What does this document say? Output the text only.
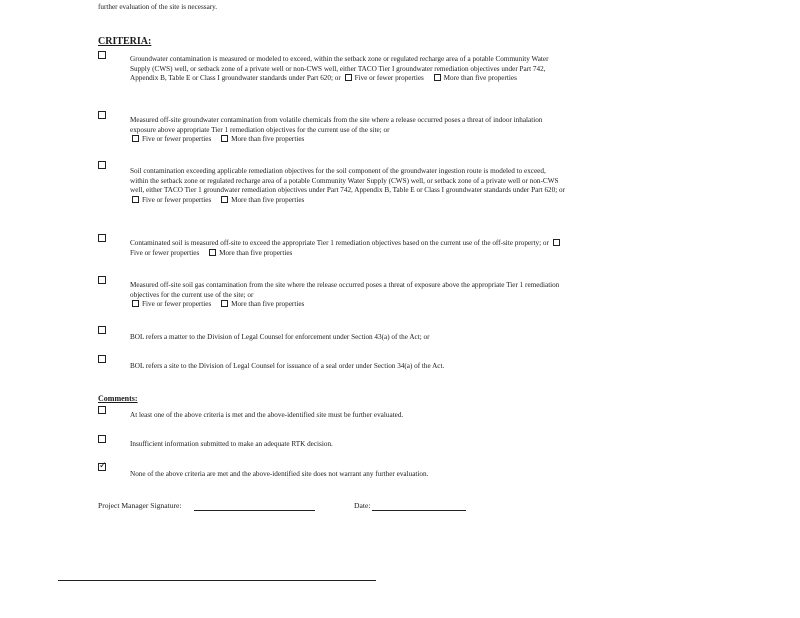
further evaluation of the site is necessary.
CRITERIA:
Groundwater contamination is measured or modeled to exceed, within the setback zone or regulated recharge area of a potable Community Water Supply (CWS) well, or setback zone of a private well or non-CWS well, either TACO Tier I groundwater remediation objectives under Part 742, Appendix B, Table E or Class I groundwater standards under Part 620; or Five or fewer properties	More than five properties
Measured off-site groundwater contamination from volatile chemicals from the site where a release occurred poses a threat of indoor inhalation exposure above appropriate Tier 1 remediation objectives for the current use of the site; or
Five or fewer properties	More than five properties
Soil contamination exceeding applicable remediation objectives for the soil component of the groundwater ingestion route is modeled to exceed, within the setback zone or regulated recharge area of a potable Community Water Supply (CWS) well, or setback zone of a private well or non-CWS well, either TACO Tier 1 groundwater remediation objectives under Part 742, Appendix B, Table E or Class I groundwater standards under Part 620; or
Five or fewer properties	More than five properties
Contaminated soil is measured off-site to exceed the appropriate Tier 1 remediation objectives based on the current use of the off-site property; or Five or fewer properties	More than five properties
Measured off-site soil gas contamination from the site where the release occurred poses a threat of exposure above the appropriate Tier 1 remediation objectives for the current use of the site; or
Five or fewer properties	More than five properties
BOL refers a matter to the Division of Legal Counsel for enforcement under Section 43(a) of the Act; or
BOL refers a site to the Division of Legal Counsel for issuance of a seal order under Section 34(a) of the Act.
Comments:
At least one of the above criteria is met and the above-identified site must be further evaluated.
Insufficient information submitted to make an adequate RTK decision.
✓
None of the above criteria are met and the above-identified site does not warrant any further evaluation.
Project Manager Signature:	Date:
